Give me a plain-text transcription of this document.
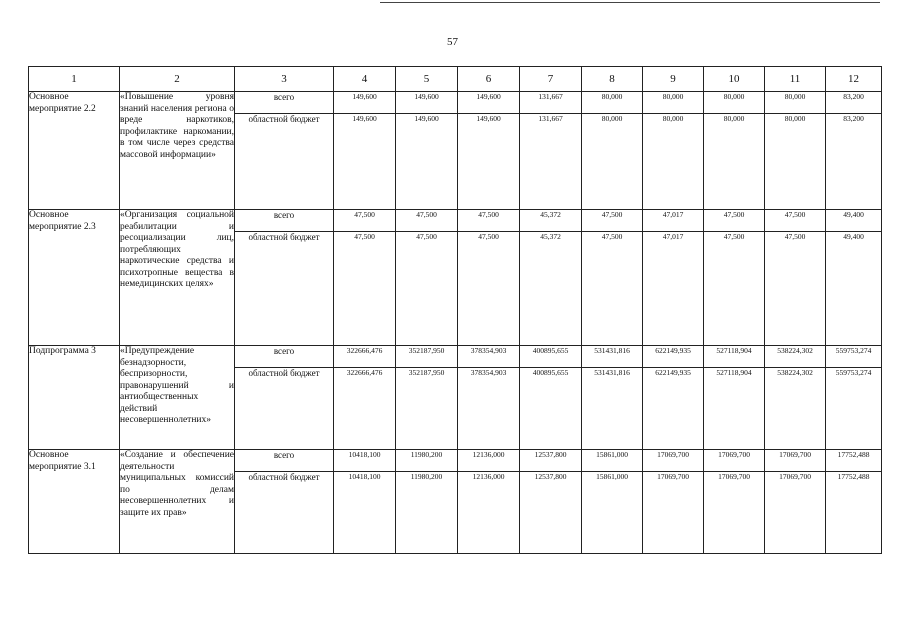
57
1	2	3	4	5	6	7	8	9	10	11	12
Основное мероприятие 2.2	«Повышение уровня знаний населения региона о вреде наркотиков, профилактике наркомании, в том числе через средства массовой информации»	всего	149,600	149,600	149,600	131,667	80,000	80,000	80,000	80,000	83,200
		областной бюджет	149,600	149,600	149,600	131,667	80,000	80,000	80,000	80,000	83,200
Основное мероприятие 2.3	«Организация социальной реабилитации и ресоциализации лиц, потребляющих наркотические средства и психотропные вещества в немедицинских целях»	всего	47,500	47,500	47,500	45,372	47,500	47,017	47,500	47,500	49,400
		областной бюджет	47,500	47,500	47,500	45,372	47,500	47,017	47,500	47,500	49,400
Подпрограмма 3	«Предупреждение безнадзорности, беспризорности, правонарушений и антиобщественных действий несовершеннолетних»	всего	322666,476	352187,950	378354,903	400895,655	531431,816	622149,935	527118,904	538224,302	559753,274
		областной бюджет	322666,476	352187,950	378354,903	400895,655	531431,816	622149,935	527118,904	538224,302	559753,274
Основное мероприятие 3.1	«Создание и обеспечение деятельности муниципальных комиссий по делам несовершеннолетних и защите их прав»	всего	10418,100	11980,200	12136,000	12537,800	15861,000	17069,700	17069,700	17069,700	17752,488
		областной бюджет	10418,100	11980,200	12136,000	12537,800	15861,000	17069,700	17069,700	17069,700	17752,488
